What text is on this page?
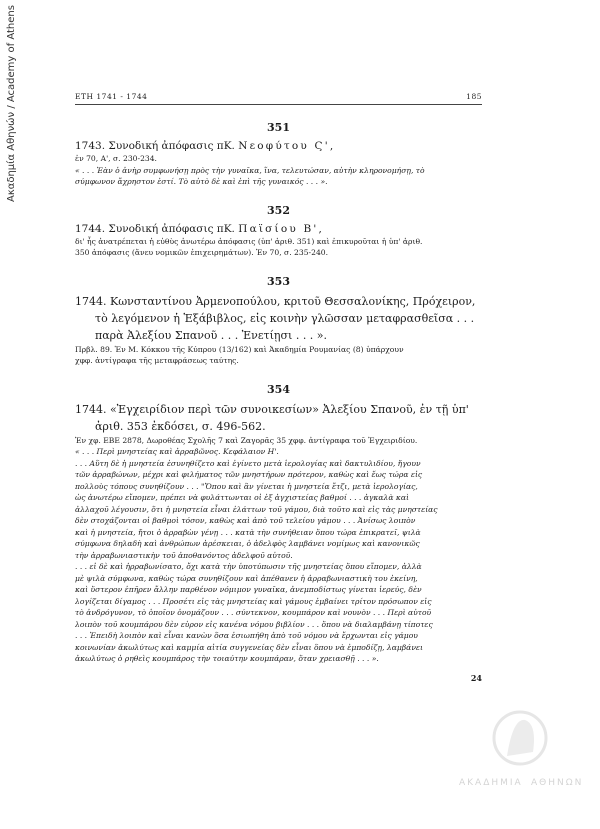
Ακαδημία Αθηνών / Academy of Athens	ΕΤΗ 1741 - 1744	185
351
1743. Συνοδική ἀπόφασις πΚ. Νεοφύτου Ϛ',
ἐν 70, Α', σ. 230-234.
« . . . Ἐὰν ὁ ἀνὴρ συμφωνήσῃ πρὸς τὴν γυναῖκα, ἵνα, τελευτώσαν, αὐτὴν κληρονομήσῃ, τὸ
σύμφωνον ἄχρηστον ἐστί. Τὸ αὐτὸ δὲ καὶ ἐπὶ τῆς γυναικός . . . ».
352
1744. Συνοδική ἀπόφασις πΚ. Παϊσίου Β',
δι' ἧς ἀνατρέπεται ἡ εὐθὺς ἀνωτέρω ἀπόφασις (ὑπ' ἀριθ. 351) καὶ ἐπικυροῦται ἡ ὑπ' ἀριθ.
350 ἀπόφασις (ἄνευ νομικῶν ἐπιχειρημάτων). Ἐν 70, σ. 235-240.
353
1744. Κωνσταντίνου Ἀρμενοπούλου, κριτοῦ Θεσσαλονίκης, Πρόχειρον, τὸ λεγόμενον ἡ Ἑξάβιβλος, εἰς κοινὴν γλῶσσαν μεταφρασθεῖσα . . . παρὰ Ἀλεξίου Σπανοῦ . . . Ἐνετίῃσι . . . ».
Πρβλ. 89. Ἐν Μ. Κόκκου τῆς Κύπρου (13/162) καὶ Ἀκαδημία Ρουμανίας (8) ὑπάρχουν
χφφ. ἀντίγραφα τῆς μεταφράσεως ταύτης.
354
1744. «Ἐγχειρίδιον περὶ τῶν συνοικεσίων» Ἀλεξίου Σπανοῦ, ἐν τῇ ὑπ' ἀριθ. 353 ἐκδόσει, σ. 496-562.
Ἐν χφ. ΕΒΕ 2878, Δωροθέας Σχολῆς 7 καὶ Ζαγορᾶς 35 χφφ. ἀντίγραφα τοῦ Ἐγχειριδίου.
« . . . Περὶ μνηστείας καὶ ἀρραβῶνος. Κεφάλαιον Η'.
. . . Αὕτη δὲ ἡ μνηστεία ἐσυνηθίζετο καὶ ἐγίνετο μετὰ ἱερολογίας καὶ δακτυλιδίου, ἤγουν
τῶν ἀρραβώνων, μέχρι καὶ φιλήματος τῶν μνηστήρων πρότερον, καθὼς καὶ ἕως τώρα εἰς
πολλοὺς τόπους συνηθίζουν . . . "Ὅπου καὶ ἂν γίνεται ἡ μνηστεία ἔτζι, μετὰ ἱερολογίας,
ὡς ἀνωτέρω εἴπομεν, πρέπει νὰ φυλάττωνται οἱ ἐξ ἀγχιστείας βαθμοί . . . ἀγκαλὰ καὶ
ἀλλαχοῦ λέγουσιν, ὅτι ἡ μνηστεία εἶναι ἐλάττων τοῦ γάμου, διὰ τοῦτο καὶ εἰς τὰς μνηστείας
δὲν στοχάζονται οἱ βαθμοὶ τόσον, καθὼς καὶ ἀπὸ τοῦ τελείου γάμου . . . Ἀνίσως λοιπὸν
καὶ ἡ μνηστεία, ἤτοι ὁ ἀρραβὼν γένῃ . . . κατὰ τὴν συνήθειαν ὅπου τώρα ἐπικρατεῖ, ψιλὰ
σύμφωνα δηλαδὴ καὶ ἀνθρώπων ἀρέσκειαι, ὁ ἀδελφὸς λαμβάνει νομίμως καὶ κανονικῶς
τὴν ἀρραβωνιαστικὴν τοῦ ἀποθανόντος ἀδελφοῦ αὐτοῦ.
. . . εἰ δὲ καὶ ἠρραβωνίσατο, ὄχι κατὰ τὴν ὑποτύπωσιν τῆς μνηστείας ὅπου εἴπομεν, ἀλλὰ
μὲ ψιλὰ σύμφωνα, καθὼς τώρα συνηθίζουν καὶ ἀπέθανεν ἡ ἀρραβωνιαστικὴ του ἐκείνη,
καὶ ὕστερον ἐπῆρεν ἄλλην παρθένον νόμιμον γυναῖκα, ἀνεμποδίστως γίνεται ἱερεύς, δὲν
λογίζεται δίγαμος . . . Προσέτι εἰς τὰς μνηστείας καὶ γάμους ἐμβαίνει τρίτον πρόσωπον εἰς
τὸ ἀνδρόγυνον, τὸ ὁποῖον ὀνομάζουν . . . σύντεκνον, κουμπάρον καὶ νουνὸν . . . Περὶ αὐτοῦ
λοιπὸν τοῦ κουμπάρου δὲν εὑρον εἰς κανένα νόμου βιβλίον . . . ὅπου νὰ διαλαμβάνῃ τίποτες
. . . Ἐπειδὴ λοιπὸν καὶ εἶναι κανὼν ὅσα ἐσιωπήθη ἀπὸ τοῦ νόμου νὰ ἔρχωνται εἰς γάμου
κοινωνίαν ἀκωλύτως καὶ καμμία αἰτία συγγενείας δὲν εἶναι ὅπου νὰ ἐμποδίζῃ, λαμβάνει
ἀκωλύτως ὁ ρηθεὶς κουμπάρος τὴν τοιαύτην κουμπάραν, ὅταν χρειασθῇ . . . ».
24
ΑΚΑΔΗΜΙΑ ΑΘΗΝΩΝ
